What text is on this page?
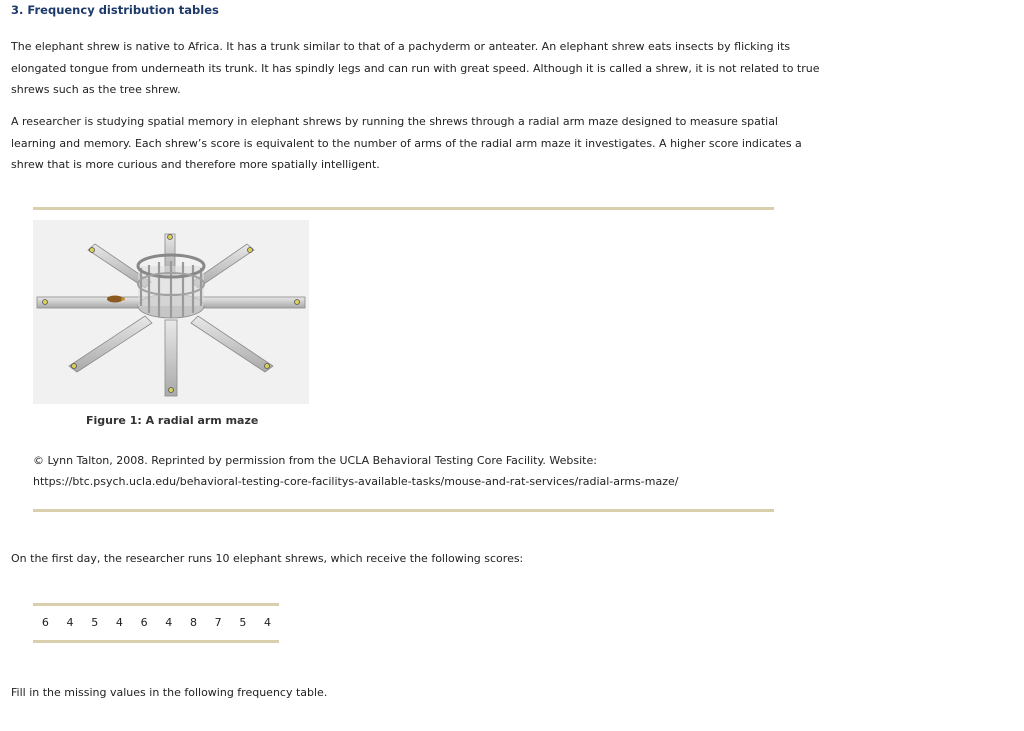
3. Frequency distribution tables
The elephant shrew is native to Africa. It has a trunk similar to that of a pachyderm or anteater. An elephant shrew eats insects by flicking its elongated tongue from underneath its trunk. It has spindly legs and can run with great speed. Although it is called a shrew, it is not related to true shrews such as the tree shrew.
A researcher is studying spatial memory in elephant shrews by running the shrews through a radial arm maze designed to measure spatial learning and memory. Each shrew’s score is equivalent to the number of arms of the radial arm maze it investigates. A higher score indicates a shrew that is more curious and therefore more spatially intelligent.
Figure 1: A radial arm maze
© Lynn Talton, 2008. Reprinted by permission from the UCLA Behavioral Testing Core Facility. Website:
https://btc.psych.ucla.edu/behavioral-testing-core-facilitys-available-tasks/mouse-and-rat-services/radial-arms-maze/
On the first day, the researcher runs 10 elephant shrews, which receive the following scores:
6	4	5	4	6	4	8	7	5	4
Fill in the missing values in the following frequency table.
